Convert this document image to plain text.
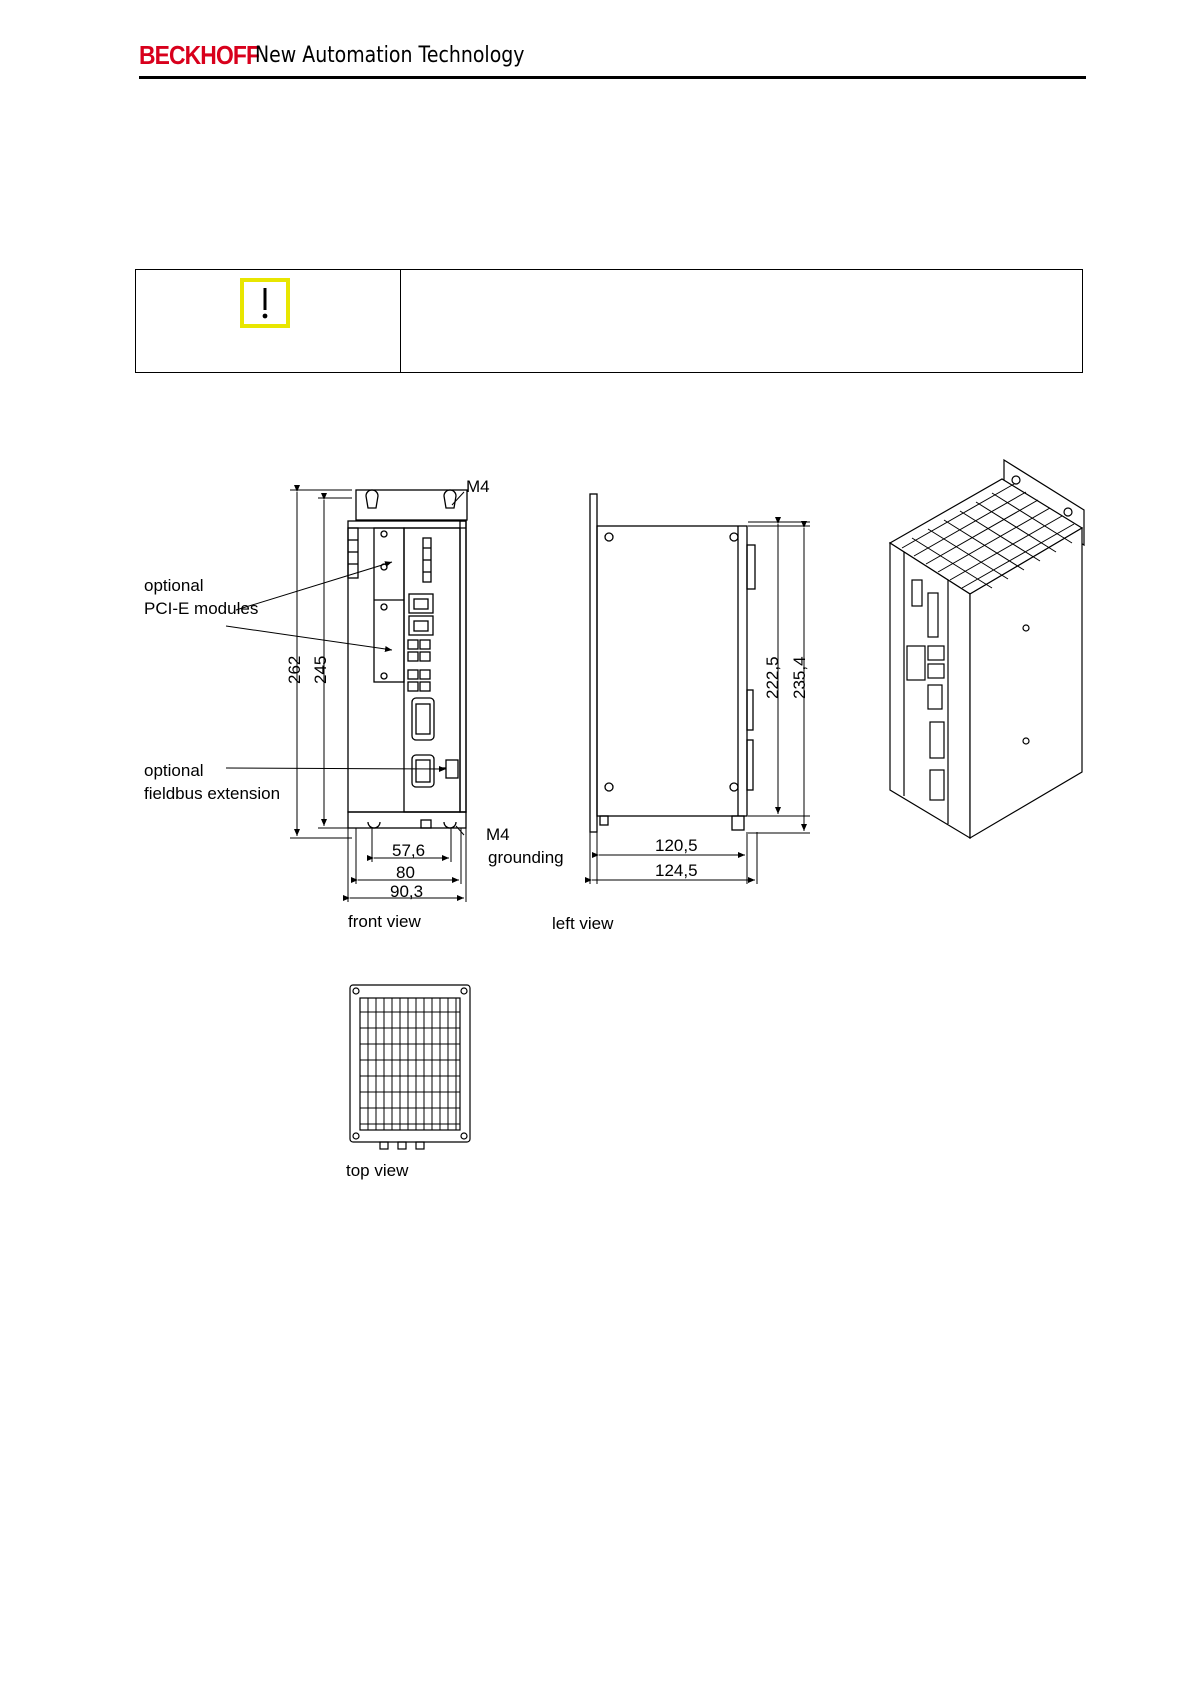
BECKHOFF
New Automation Technology
optional
PCI-E modules
optional
fieldbus extension
M4
M4
grounding
262 245
57,6
80
90,3
front view
222,5 235,4
120,5
124,5
left view
top view
